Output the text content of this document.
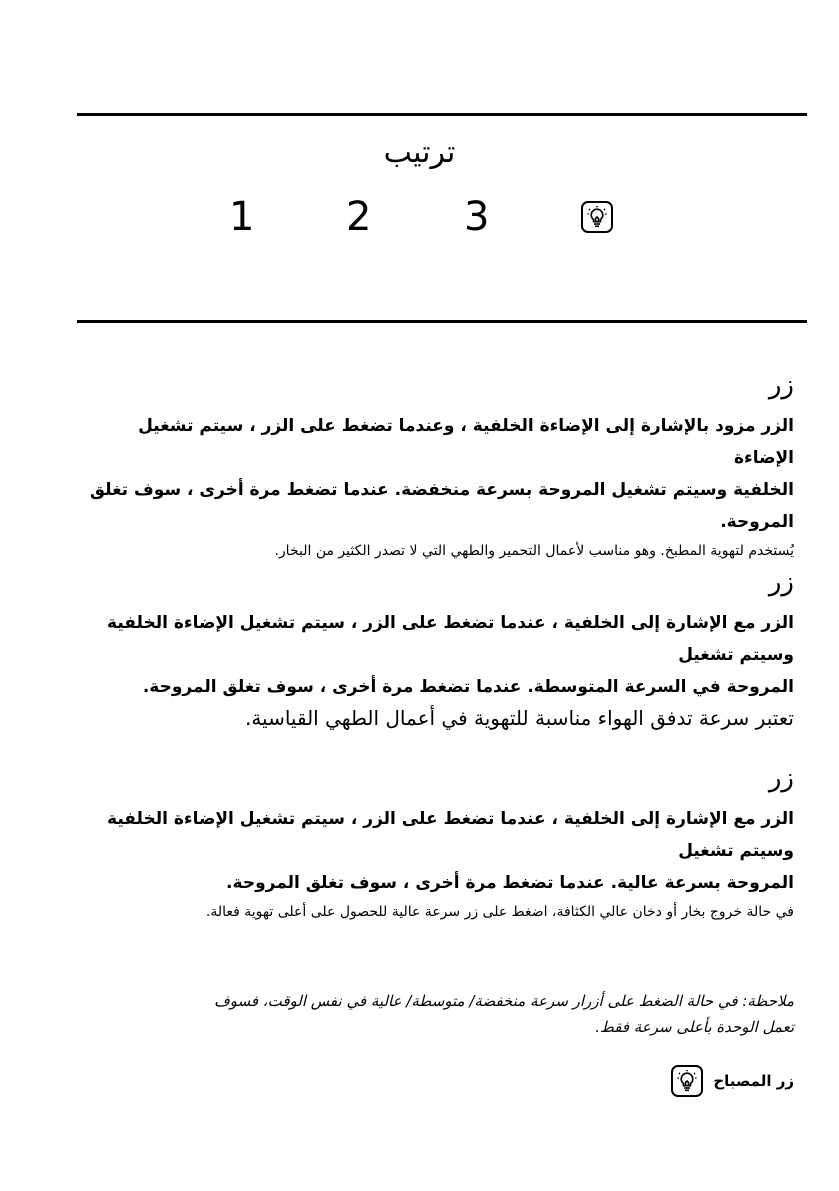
ترتيب
1 2 3
زر
الزر مزود بالإشارة إلى الإضاءة الخلفية ، وعندما تضغط على الزر ، سيتم تشغيل الإضاءة
الخلفية وسيتم تشغيل المروحة بسرعة منخفضة. عندما تضغط مرة أخرى ، سوف تغلق المروحة.
يُستخدم لتهوية المطبخ. وهو مناسب لأعمال التحمير والطهي التي لا تصدر الكثير من البخار.
زر
الزر مع الإشارة إلى الخلفية ، عندما تضغط على الزر ، سيتم تشغيل الإضاءة الخلفية وسيتم تشغيل
المروحة في السرعة المتوسطة. عندما تضغط مرة أخرى ، سوف تغلق المروحة.
تعتبر سرعة تدفق الهواء مناسبة للتهوية في أعمال الطهي القياسية.
زر
الزر مع الإشارة إلى الخلفية ، عندما تضغط على الزر ، سيتم تشغيل الإضاءة الخلفية وسيتم تشغيل
المروحة بسرعة عالية. عندما تضغط مرة أخرى ، سوف تغلق المروحة.
في حالة خروج بخار أو دخان عالي الكثافة، اضغط على زر سرعة عالية للحصول على أعلى تهوية فعالة.
ملاحظة: في حالة الضغط على أزرار سرعة منخفضة/ متوسطة/ عالية في نفس الوقت، فسوف
تعمل الوحدة بأعلى سرعة فقط.
زر المصباح
